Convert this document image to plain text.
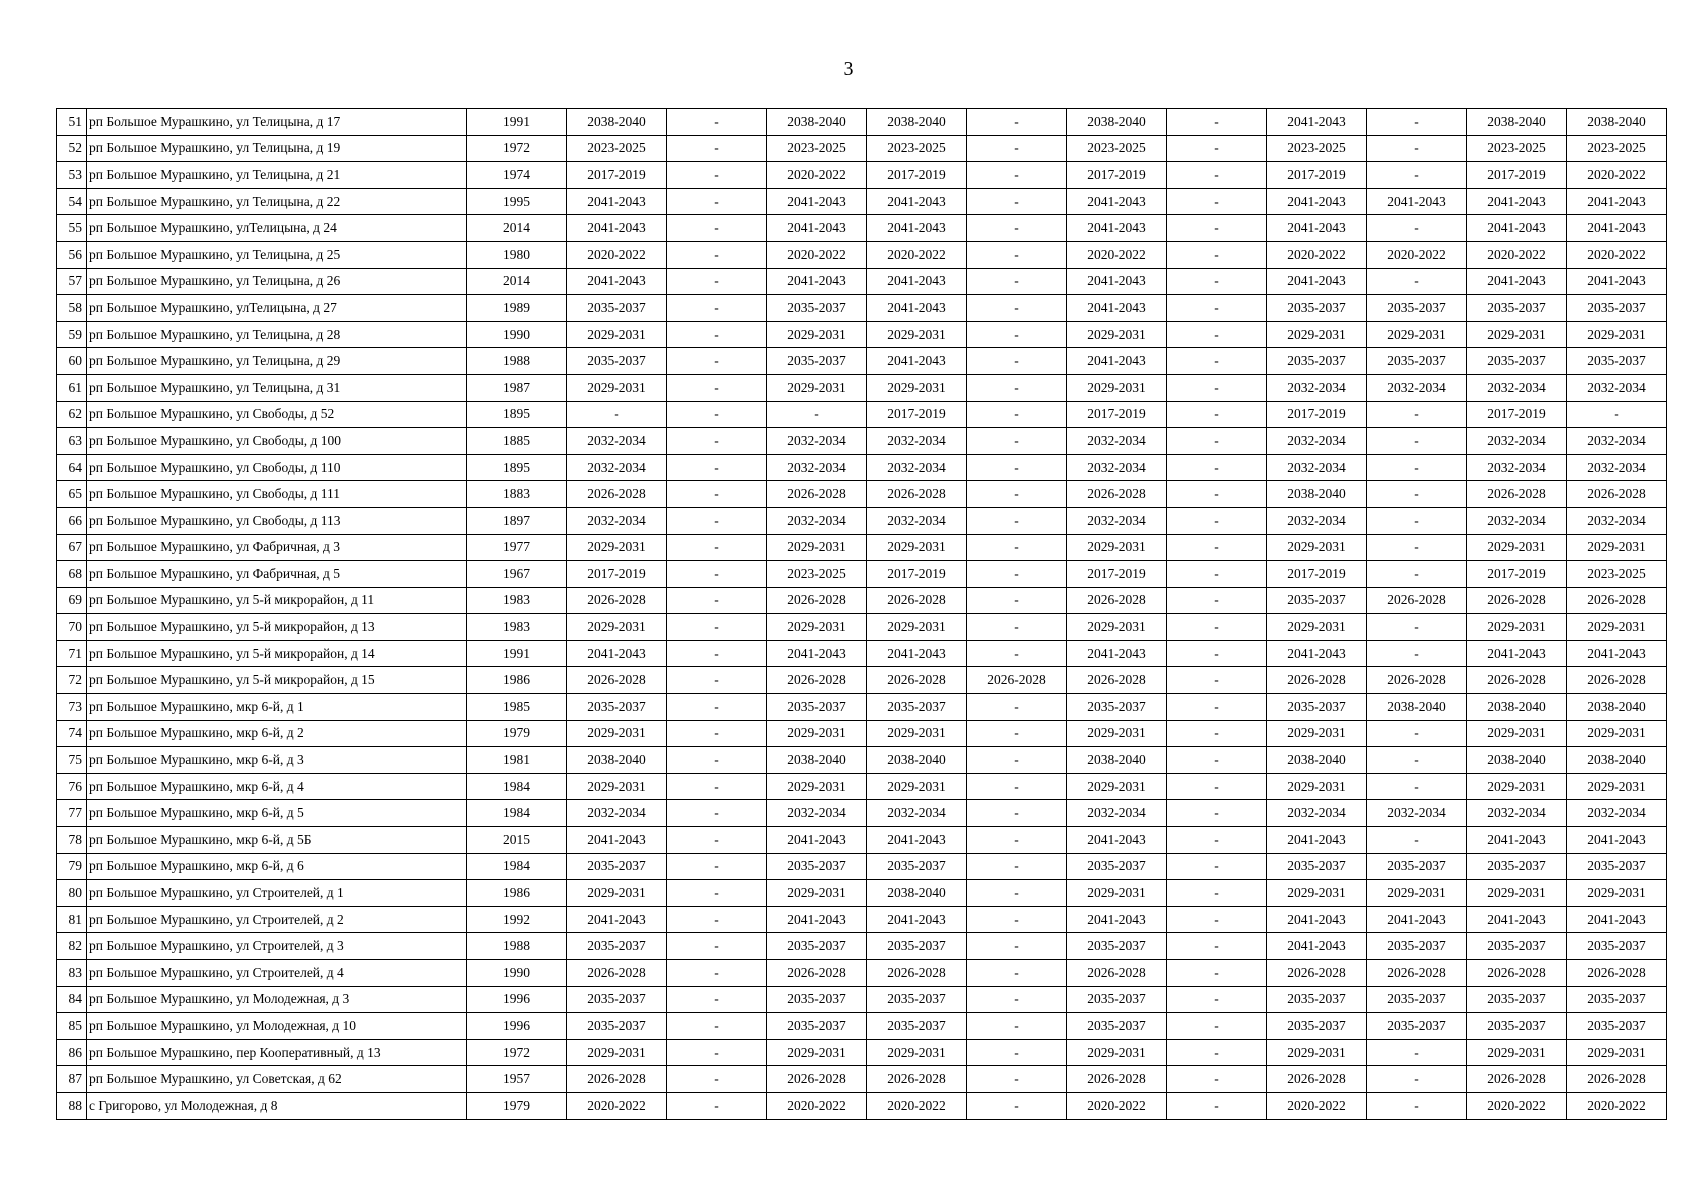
3
51	рп Большое Мурашкино, ул Телицына, д 17	1991	2038-2040	-	2038-2040	2038-2040	-	2038-2040	-	2041-2043	-	2038-2040	2038-2040
52	рп Большое Мурашкино, ул Телицына, д 19	1972	2023-2025	-	2023-2025	2023-2025	-	2023-2025	-	2023-2025	-	2023-2025	2023-2025
53	рп Большое Мурашкино, ул Телицына, д 21	1974	2017-2019	-	2020-2022	2017-2019	-	2017-2019	-	2017-2019	-	2017-2019	2020-2022
54	рп Большое Мурашкино, ул Телицына, д 22	1995	2041-2043	-	2041-2043	2041-2043	-	2041-2043	-	2041-2043	2041-2043	2041-2043	2041-2043
55	рп Большое Мурашкино, улТелицына, д 24	2014	2041-2043	-	2041-2043	2041-2043	-	2041-2043	-	2041-2043	-	2041-2043	2041-2043
56	рп Большое Мурашкино, ул Телицына, д 25	1980	2020-2022	-	2020-2022	2020-2022	-	2020-2022	-	2020-2022	2020-2022	2020-2022	2020-2022
57	рп Большое Мурашкино, ул Телицына, д 26	2014	2041-2043	-	2041-2043	2041-2043	-	2041-2043	-	2041-2043	-	2041-2043	2041-2043
58	рп Большое Мурашкино, улТелицына, д 27	1989	2035-2037	-	2035-2037	2041-2043	-	2041-2043	-	2035-2037	2035-2037	2035-2037	2035-2037
59	рп Большое Мурашкино, ул Телицына, д 28	1990	2029-2031	-	2029-2031	2029-2031	-	2029-2031	-	2029-2031	2029-2031	2029-2031	2029-2031
60	рп Большое Мурашкино, ул Телицына, д 29	1988	2035-2037	-	2035-2037	2041-2043	-	2041-2043	-	2035-2037	2035-2037	2035-2037	2035-2037
61	рп Большое Мурашкино, ул Телицына, д 31	1987	2029-2031	-	2029-2031	2029-2031	-	2029-2031	-	2032-2034	2032-2034	2032-2034	2032-2034
62	рп Большое Мурашкино, ул Свободы, д 52	1895	-	-	-	2017-2019	-	2017-2019	-	2017-2019	-	2017-2019	-
63	рп Большое Мурашкино, ул Свободы, д 100	1885	2032-2034	-	2032-2034	2032-2034	-	2032-2034	-	2032-2034	-	2032-2034	2032-2034
64	рп Большое Мурашкино, ул Свободы, д 110	1895	2032-2034	-	2032-2034	2032-2034	-	2032-2034	-	2032-2034	-	2032-2034	2032-2034
65	рп Большое Мурашкино, ул Свободы, д 111	1883	2026-2028	-	2026-2028	2026-2028	-	2026-2028	-	2038-2040	-	2026-2028	2026-2028
66	рп Большое Мурашкино, ул Свободы, д 113	1897	2032-2034	-	2032-2034	2032-2034	-	2032-2034	-	2032-2034	-	2032-2034	2032-2034
67	рп Большое Мурашкино, ул Фабричная, д 3	1977	2029-2031	-	2029-2031	2029-2031	-	2029-2031	-	2029-2031	-	2029-2031	2029-2031
68	рп Большое Мурашкино, ул Фабричная, д 5	1967	2017-2019	-	2023-2025	2017-2019	-	2017-2019	-	2017-2019	-	2017-2019	2023-2025
69	рп Большое Мурашкино, ул 5-й микрорайон, д 11	1983	2026-2028	-	2026-2028	2026-2028	-	2026-2028	-	2035-2037	2026-2028	2026-2028	2026-2028
70	рп Большое Мурашкино, ул 5-й микрорайон, д 13	1983	2029-2031	-	2029-2031	2029-2031	-	2029-2031	-	2029-2031	-	2029-2031	2029-2031
71	рп Большое Мурашкино, ул 5-й микрорайон, д 14	1991	2041-2043	-	2041-2043	2041-2043	-	2041-2043	-	2041-2043	-	2041-2043	2041-2043
72	рп Большое Мурашкино, ул 5-й микрорайон, д 15	1986	2026-2028	-	2026-2028	2026-2028	2026-2028	2026-2028	-	2026-2028	2026-2028	2026-2028	2026-2028
73	рп Большое Мурашкино, мкр 6-й, д 1	1985	2035-2037	-	2035-2037	2035-2037	-	2035-2037	-	2035-2037	2038-2040	2038-2040	2038-2040
74	рп Большое Мурашкино, мкр 6-й, д 2	1979	2029-2031	-	2029-2031	2029-2031	-	2029-2031	-	2029-2031	-	2029-2031	2029-2031
75	рп Большое Мурашкино, мкр 6-й, д 3	1981	2038-2040	-	2038-2040	2038-2040	-	2038-2040	-	2038-2040	-	2038-2040	2038-2040
76	рп Большое Мурашкино, мкр 6-й, д 4	1984	2029-2031	-	2029-2031	2029-2031	-	2029-2031	-	2029-2031	-	2029-2031	2029-2031
77	рп Большое Мурашкино, мкр 6-й, д 5	1984	2032-2034	-	2032-2034	2032-2034	-	2032-2034	-	2032-2034	2032-2034	2032-2034	2032-2034
78	рп Большое Мурашкино, мкр 6-й, д 5Б	2015	2041-2043	-	2041-2043	2041-2043	-	2041-2043	-	2041-2043	-	2041-2043	2041-2043
79	рп Большое Мурашкино, мкр 6-й, д 6	1984	2035-2037	-	2035-2037	2035-2037	-	2035-2037	-	2035-2037	2035-2037	2035-2037	2035-2037
80	рп Большое Мурашкино, ул Строителей, д 1	1986	2029-2031	-	2029-2031	2038-2040	-	2029-2031	-	2029-2031	2029-2031	2029-2031	2029-2031
81	рп Большое Мурашкино, ул Строителей, д 2	1992	2041-2043	-	2041-2043	2041-2043	-	2041-2043	-	2041-2043	2041-2043	2041-2043	2041-2043
82	рп Большое Мурашкино, ул Строителей, д 3	1988	2035-2037	-	2035-2037	2035-2037	-	2035-2037	-	2041-2043	2035-2037	2035-2037	2035-2037
83	рп Большое Мурашкино, ул Строителей, д 4	1990	2026-2028	-	2026-2028	2026-2028	-	2026-2028	-	2026-2028	2026-2028	2026-2028	2026-2028
84	рп Большое Мурашкино, ул Молодежная, д 3	1996	2035-2037	-	2035-2037	2035-2037	-	2035-2037	-	2035-2037	2035-2037	2035-2037	2035-2037
85	рп Большое Мурашкино, ул Молодежная, д 10	1996	2035-2037	-	2035-2037	2035-2037	-	2035-2037	-	2035-2037	2035-2037	2035-2037	2035-2037
86	рп Большое Мурашкино, пер Кооперативный, д 13	1972	2029-2031	-	2029-2031	2029-2031	-	2029-2031	-	2029-2031	-	2029-2031	2029-2031
87	рп Большое Мурашкино, ул Советская, д 62	1957	2026-2028	-	2026-2028	2026-2028	-	2026-2028	-	2026-2028	-	2026-2028	2026-2028
88	с Григорово, ул Молодежная, д 8	1979	2020-2022	-	2020-2022	2020-2022	-	2020-2022	-	2020-2022	-	2020-2022	2020-2022
